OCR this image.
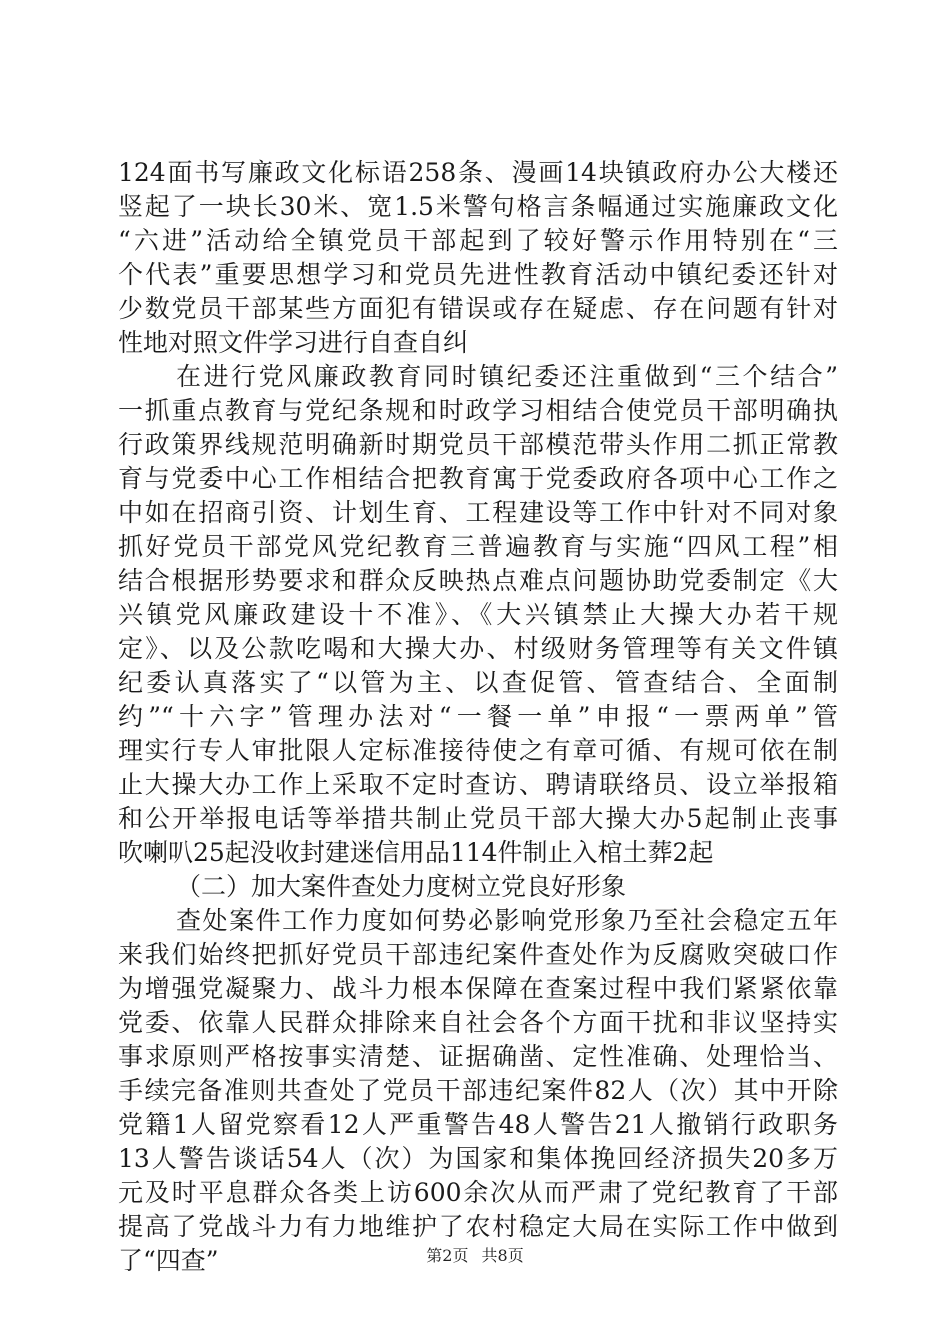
124面书写廉政文化标语258条、漫画14块镇政府办公大楼还
竖起了一块长30米、宽1.5米警句格言条幅通过实施廉政文化
“六进”活动给全镇党员干部起到了较好警示作用特别在“三
个代表”重要思想学习和党员先进性教育活动中镇纪委还针对
少数党员干部某些方面犯有错误或存在疑虑、存在问题有针对
性地对照文件学习进行自查自纠
在进行党风廉政教育同时镇纪委还注重做到“三个结合”
一抓重点教育与党纪条规和时政学习相结合使党员干部明确执
行政策界线规范明确新时期党员干部模范带头作用二抓正常教
育与党委中心工作相结合把教育寓于党委政府各项中心工作之
中如在招商引资、计划生育、工程建设等工作中针对不同对象
抓好党员干部党风党纪教育三普遍教育与实施“四风工程”相
结合根据形势要求和群众反映热点难点问题协助党委制定《大
兴镇党风廉政建设十不准》、《大兴镇禁止大操大办若干规
定》、以及公款吃喝和大操大办、村级财务管理等有关文件镇
纪委认真落实了“以管为主、以查促管、管查结合、全面制
约”“十六字”管理办法对“一餐一单”申报“一票两单”管
理实行专人审批限人定标准接待使之有章可循、有规可依在制
止大操大办工作上采取不定时查访、聘请联络员、设立举报箱
和公开举报电话等举措共制止党员干部大操大办5起制止丧事
吹喇叭25起没收封建迷信用品114件制止入棺土葬2起
（二）加大案件查处力度树立党良好形象
查处案件工作力度如何势必影响党形象乃至社会稳定五年
来我们始终把抓好党员干部违纪案件查处作为反腐败突破口作
为增强党凝聚力、战斗力根本保障在查案过程中我们紧紧依靠
党委、依靠人民群众排除来自社会各个方面干扰和非议坚持实
事求原则严格按事实清楚、证据确凿、定性准确、处理恰当、
手续完备准则共查处了党员干部违纪案件82人（次）其中开除
党籍1人留党察看12人严重警告48人警告21人撤销行政职务
13人警告谈话54人（次）为国家和集体挽回经济损失20多万
元及时平息群众各类上访600余次从而严肃了党纪教育了干部
提高了党战斗力有力地维护了农村稳定大局在实际工作中做到
了“四查”	第2页 共8页
